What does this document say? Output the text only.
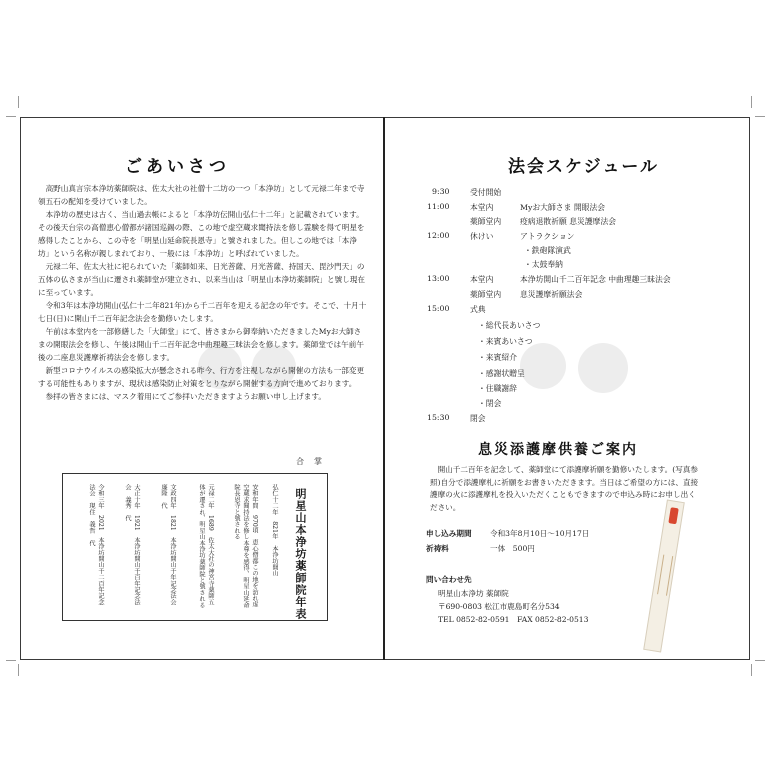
ごあいさつ

高野山真言宗本浄坊薬師院は、佐太大社の社僧十二坊の一つ「本浄坊」として元禄二年まで寺領五石の配知を受けていました。

本浄坊の歴史は古く、当山過去帳によると「本浄坊伝開山弘仁十二年」と記載されています。その後天台宗の高僧恵心僧都が諸国巡錫の際、この地で虚空蔵求聞持法を修し霊験を得て明星を感得したことから、この寺を「明星山延命院長恩寺」と號されました。但しこの地では「本浄坊」という名称が親しまれており、一般には「本浄坊」と呼ばれていました。

元禄二年、佐太大社に祀られていた「薬師如来、日光菩薩、月光菩薩、持国天、毘沙門天」の五体の仏さまが当山に遷され薬師堂が建立され、以来当山は「明星山本浄坊薬師院」と號し現在に至っています。

令和3年は本浄坊開山(弘仁十二年821年)から千二百年を迎える記念の年です。そこで、十月十七日(日)に開山千二百年記念法会を勤修いたします。

午前は本堂内を一部修繕した「大師堂」にて、皆さまから御奉納いただきましたMyお大師さまの開眼法会を修し、午後は開山千二百年記念中曲理趣三昧法会を修します。薬師堂では午前午後の二座息災護摩祈祷法会を修します。

新型コロナウイルスの感染拡大が懸念される昨今、行方を注視しながら開催の方法も一部変更する可能性もありますが、現状は感染防止対策をとりながら開催する方向で進めております。

参拝の皆さまには、マスク着用にてご参拝いただきますようお願い申し上げます。

合　掌
明星山本浄坊薬師院年表
弘仁十二年　821年　本浄坊開山
安和年間　970頃　恵心僧都この地を訪れ虚空蔵求聞持法を修し本尊を感得、明星山延命院長恩寺と號される
元禄二年　1689　佐太大社の神宮寺薬師五体が遷され、明星山本浄坊薬師院と號される
文政四年　1821　本浄坊開山千年記念法会　廉隆　代
大正十年　1921　本浄坊開山千百年記念法会　義秀　代
令和三年　2021　本浄坊開山千二百年記念法会　現住　義哲　代
法会スケジュール
9:30	受付開始
11:00	本堂内	Myお大師さま 開眼法会
薬師堂内 疫病退散祈願 息災護摩法会
12:00	休けい	アトラクション
・鉄砲隊演武
・太鼓奉納
13:00	本堂内	本浄坊開山千二百年記念 中曲理趣三昧法会
薬師堂内 息災護摩祈願法会
15:00	式典
・総代長あいさつ
・来賓あいさつ
・来賓紹介
・感謝状贈呈
・住職謝辞
・閉会
15:30	閉会
息災添護摩供養ご案内

開山千二百年を記念して、薬師堂にて添護摩祈願を勤修いたします。(写真参照)自分で添護摩札に祈願をお書きいただきます。当日はご希望の方には、直接護摩の火に添護摩札を投入いただくこともできますので申込み時にお申し出ください。

申し込み期間 令和3年8月10日〜10月17日
祈祷料	一体　500円
問い合わせ先
明星山本浄坊 薬師院
〒690-0803 松江市鹿島町名分534
TEL 0852-82-0591　FAX 0852-82-0513
